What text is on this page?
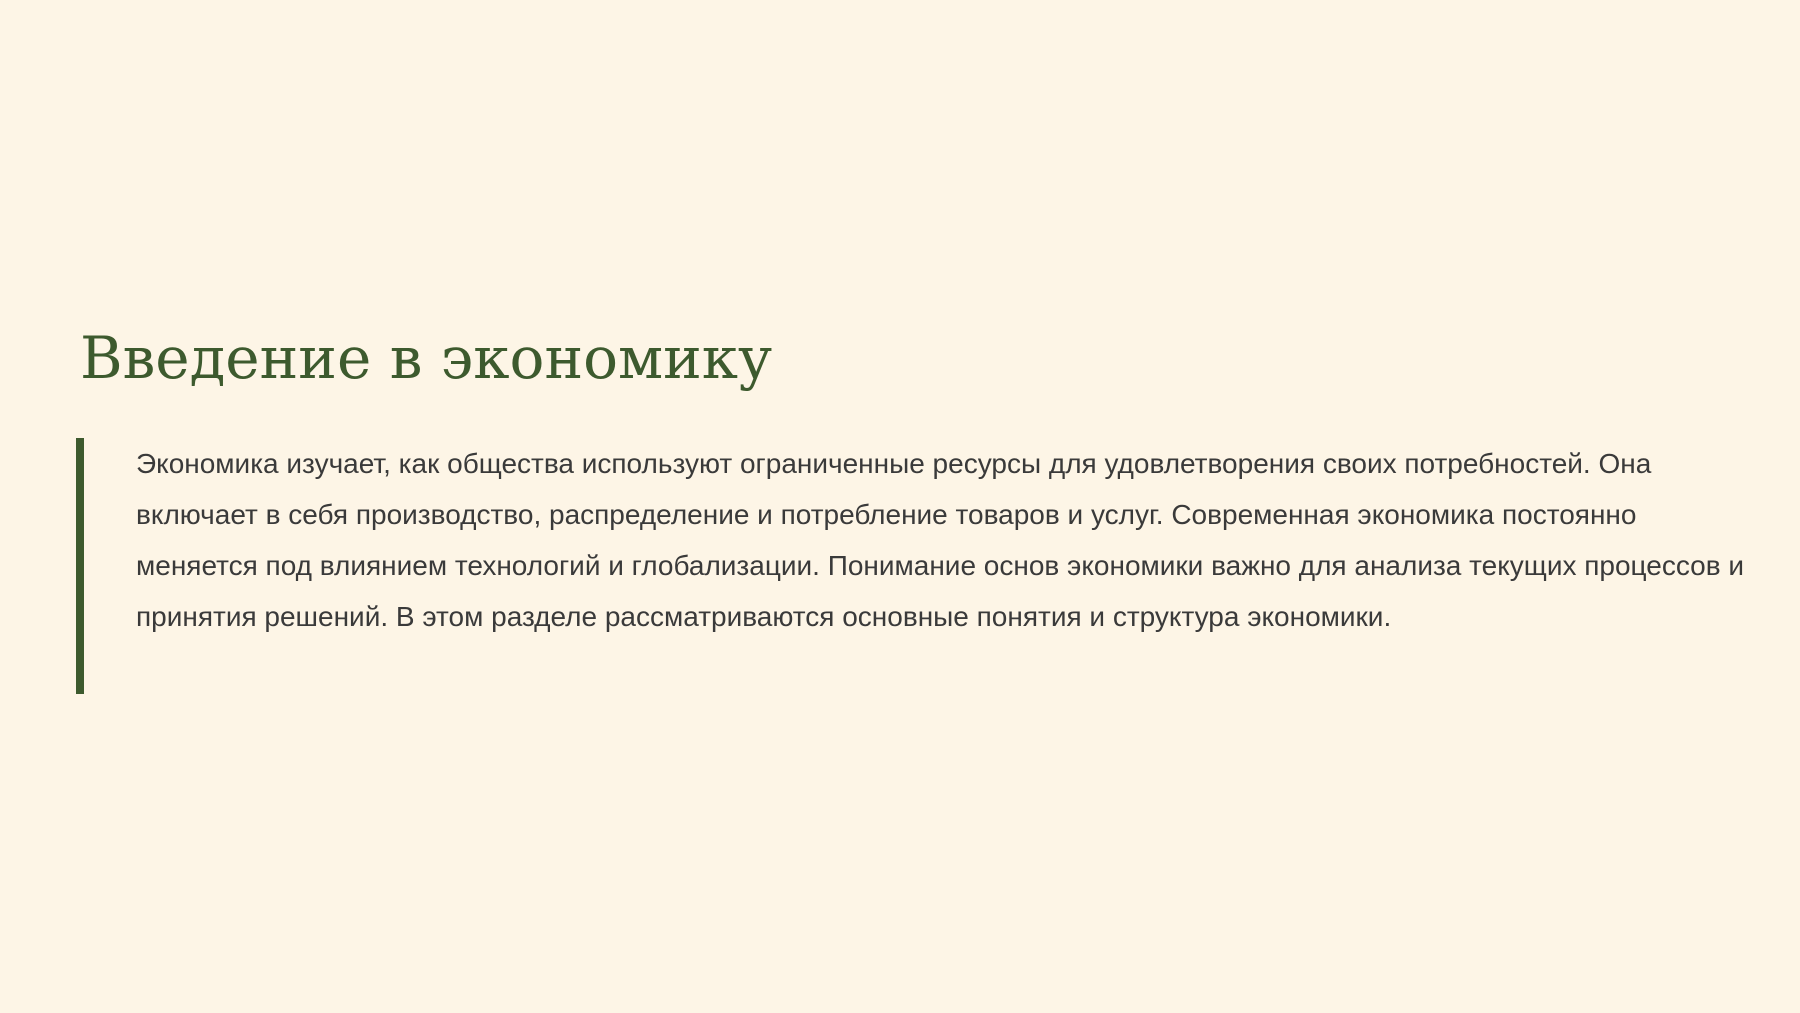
Введение в экономику

Экономика изучает, как общества используют ограниченные ресурсы для удовлетворения своих потребностей. Она включает в себя производство, распределение и потребление товаров и услуг. Современная экономика постоянно меняется под влиянием технологий и глобализации. Понимание основ экономики важно для анализа текущих процессов и принятия решений. В этом разделе рассматриваются основные понятия и структура экономики.
